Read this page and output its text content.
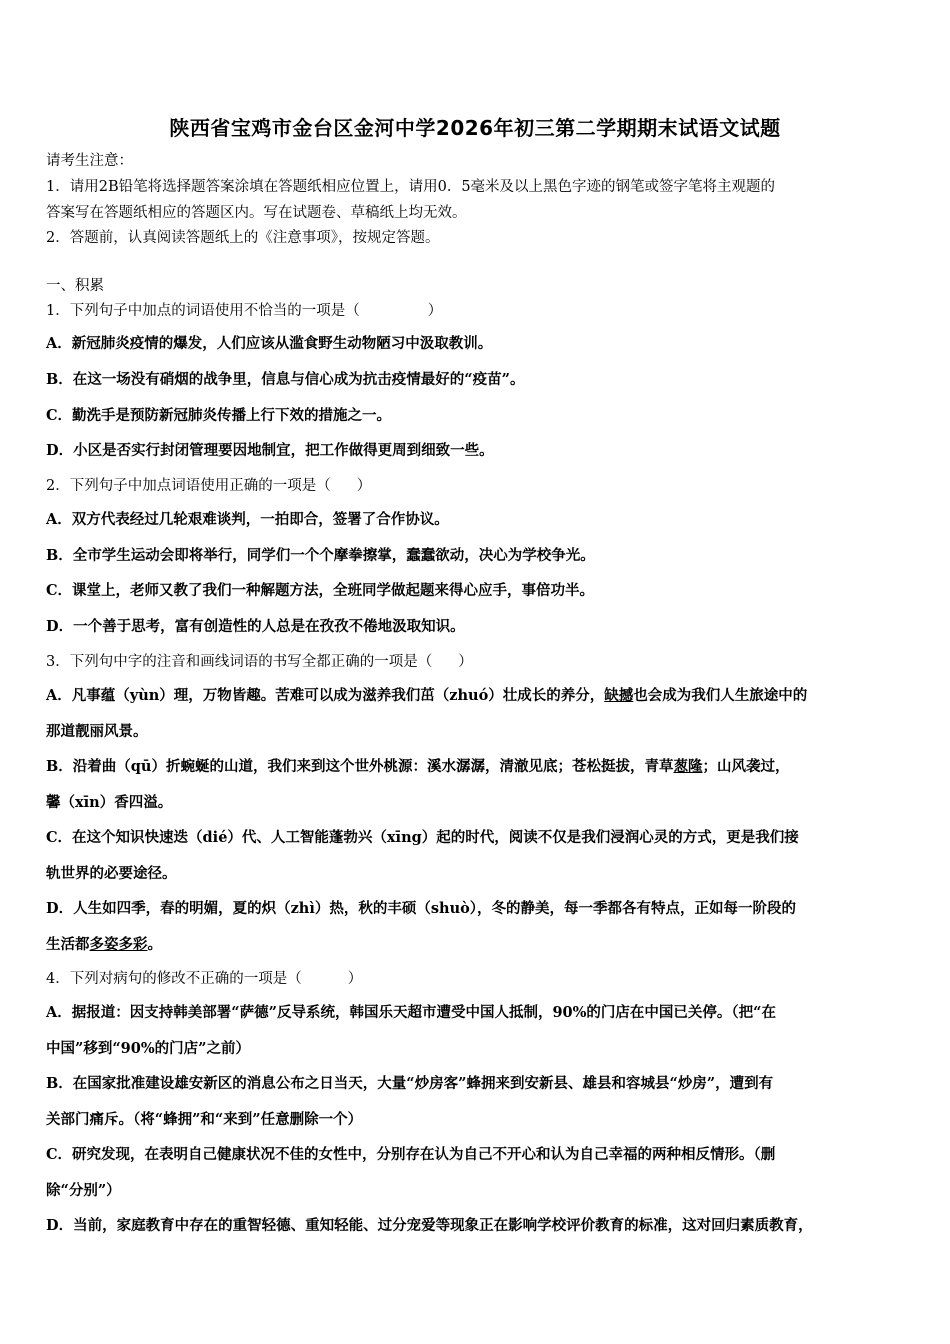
陕西省宝鸡市金台区金河中学2026年初三第二学期期末试语文试题
请考生注意：
1．请用2B铅笔将选择题答案涂填在答题纸相应位置上，请用0．5毫米及以上黑色字迹的钢笔或签字笔将主观题的
答案写在答题纸相应的答题区内。写在试题卷、草稿纸上均无效。
2．答题前，认真阅读答题纸上的《注意事项》，按规定答题。
一、积累
1．下列句子中加点的词语使用不恰当的一项是（	）
A．新冠肺炎疫情的爆发，人们应该从滥食野生动物陋习中汲取教训。
B．在这一场没有硝烟的战争里，信息与信心成为抗击疫情最好的“疫苗”。
C．勤洗手是预防新冠肺炎传播上行下效的措施之一。
D．小区是否实行封闭管理要因地制宜，把工作做得更周到细致一些。
2．下列句子中加点词语使用正确的一项是（ ）
A．双方代表经过几轮艰难谈判，一拍即合，签署了合作协议。
B．全市学生运动会即将举行，同学们一个个摩拳擦掌，蠢蠢欲动，决心为学校争光。
C．课堂上，老师又教了我们一种解题方法，全班同学做起题来得心应手，事倍功半。
D．一个善于思考，富有创造性的人总是在孜孜不倦地汲取知识。
3．下列句中字的注音和画线词语的书写全都正确的一项是（ ）
A．凡事蕴（yùn）理，万物皆趣。苦难可以成为滋养我们茁（zhuó）壮成长的养分，缺撼也会成为我们人生旅途中的
那道靓丽风景。
B．沿着曲（qū）折蜿蜒的山道，我们来到这个世外桃源：溪水潺潺，清澈见底；苍松挺拔，青草葱隆；山风袭过，
馨（xīn）香四溢。
C．在这个知识快速迭（dié）代、人工智能蓬勃兴（xīng）起的时代，阅读不仅是我们浸润心灵的方式，更是我们接
轨世界的必要途径。
D．人生如四季，春的明媚，夏的炽（zhì）热，秋的丰硕（shuò），冬的静美，每一季都各有特点，正如每一阶段的
生活都多姿多彩。
4．下列对病句的修改不正确的一项是（	）
A．据报道：因支持韩美部署“萨德”反导系统，韩国乐天超市遭受中国人抵制，90%的门店在中国已关停。（把“在
中国”移到“90%的门店”之前）
B．在国家批准建设雄安新区的消息公布之日当天，大量“炒房客”蜂拥来到安新县、雄县和容城县“炒房”，遭到有
关部门痛斥。（将“蜂拥”和“来到”任意删除一个）
C．研究发现，在表明自己健康状况不佳的女性中，分别存在认为自己不开心和认为自己幸福的两种相反情形。（删
除“分别”）
D．当前，家庭教育中存在的重智轻德、重知轻能、过分宠爱等现象正在影响学校评价教育的标准，这对回归素质教育，
